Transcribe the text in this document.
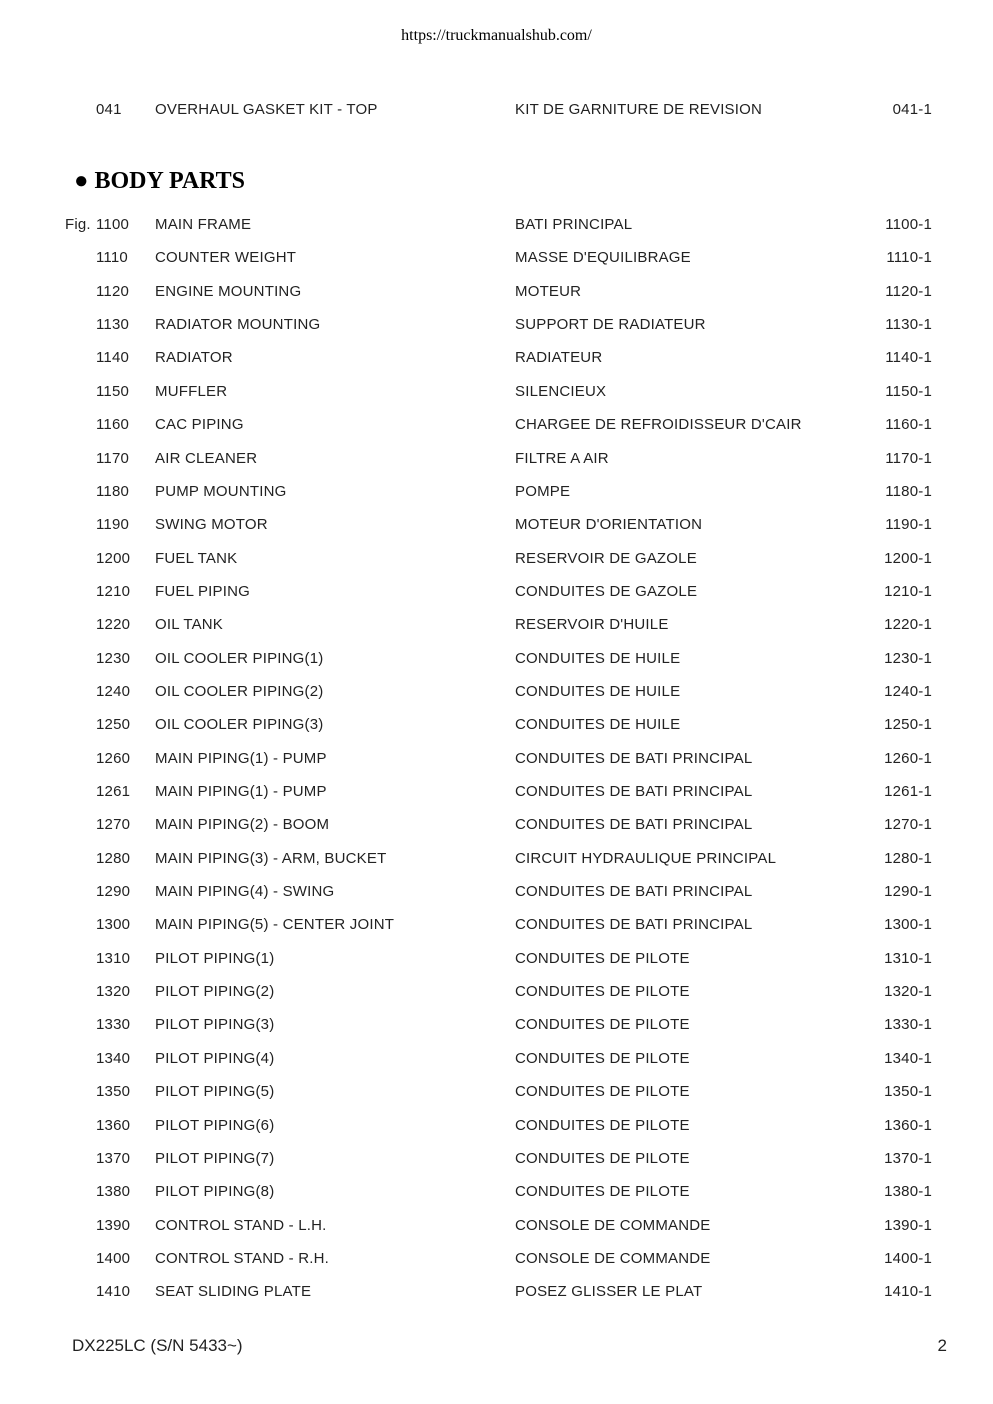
https://truckmanualshub.com/
041 OVERHAUL GASKET KIT - TOP	KIT DE GARNITURE DE REVISION	041-1
● BODY PARTS
Fig. 1100 MAIN FRAME	BATI PRINCIPAL	1100-1
1110 COUNTER WEIGHT	MASSE D'EQUILIBRAGE	1110-1
1120 ENGINE MOUNTING	MOTEUR	1120-1
1130 RADIATOR MOUNTING	SUPPORT DE RADIATEUR	1130-1
1140 RADIATOR	RADIATEUR	1140-1
1150 MUFFLER	SILENCIEUX	1150-1
1160 CAC PIPING	CHARGEE DE REFROIDISSEUR D'CAIR	1160-1
1170 AIR CLEANER	FILTRE A AIR	1170-1
1180 PUMP MOUNTING	POMPE	1180-1
1190 SWING MOTOR	MOTEUR D'ORIENTATION	1190-1
1200 FUEL TANK	RESERVOIR DE GAZOLE	1200-1
1210 FUEL PIPING	CONDUITES DE GAZOLE	1210-1
1220 OIL TANK	RESERVOIR D'HUILE	1220-1
1230 OIL COOLER PIPING(1)	CONDUITES DE HUILE	1230-1
1240 OIL COOLER PIPING(2)	CONDUITES DE HUILE	1240-1
1250 OIL COOLER PIPING(3)	CONDUITES DE HUILE	1250-1
1260 MAIN PIPING(1) - PUMP	CONDUITES DE BATI PRINCIPAL	1260-1
1261 MAIN PIPING(1) - PUMP	CONDUITES DE BATI PRINCIPAL	1261-1
1270 MAIN PIPING(2) - BOOM	CONDUITES DE BATI PRINCIPAL	1270-1
1280 MAIN PIPING(3) - ARM, BUCKET	CIRCUIT HYDRAULIQUE PRINCIPAL	1280-1
1290 MAIN PIPING(4) - SWING	CONDUITES DE BATI PRINCIPAL	1290-1
1300 MAIN PIPING(5) - CENTER JOINT	CONDUITES DE BATI PRINCIPAL	1300-1
1310 PILOT PIPING(1)	CONDUITES DE PILOTE	1310-1
1320 PILOT PIPING(2)	CONDUITES DE PILOTE	1320-1
1330 PILOT PIPING(3)	CONDUITES DE PILOTE	1330-1
1340 PILOT PIPING(4)	CONDUITES DE PILOTE	1340-1
1350 PILOT PIPING(5)	CONDUITES DE PILOTE	1350-1
1360 PILOT PIPING(6)	CONDUITES DE PILOTE	1360-1
1370 PILOT PIPING(7)	CONDUITES DE PILOTE	1370-1
1380 PILOT PIPING(8)	CONDUITES DE PILOTE	1380-1
1390 CONTROL STAND - L.H.	CONSOLE DE COMMANDE	1390-1
1400 CONTROL STAND - R.H.	CONSOLE DE COMMANDE	1400-1
1410 SEAT SLIDING PLATE	POSEZ GLISSER LE PLAT	1410-1
DX225LC (S/N 5433~)	2
